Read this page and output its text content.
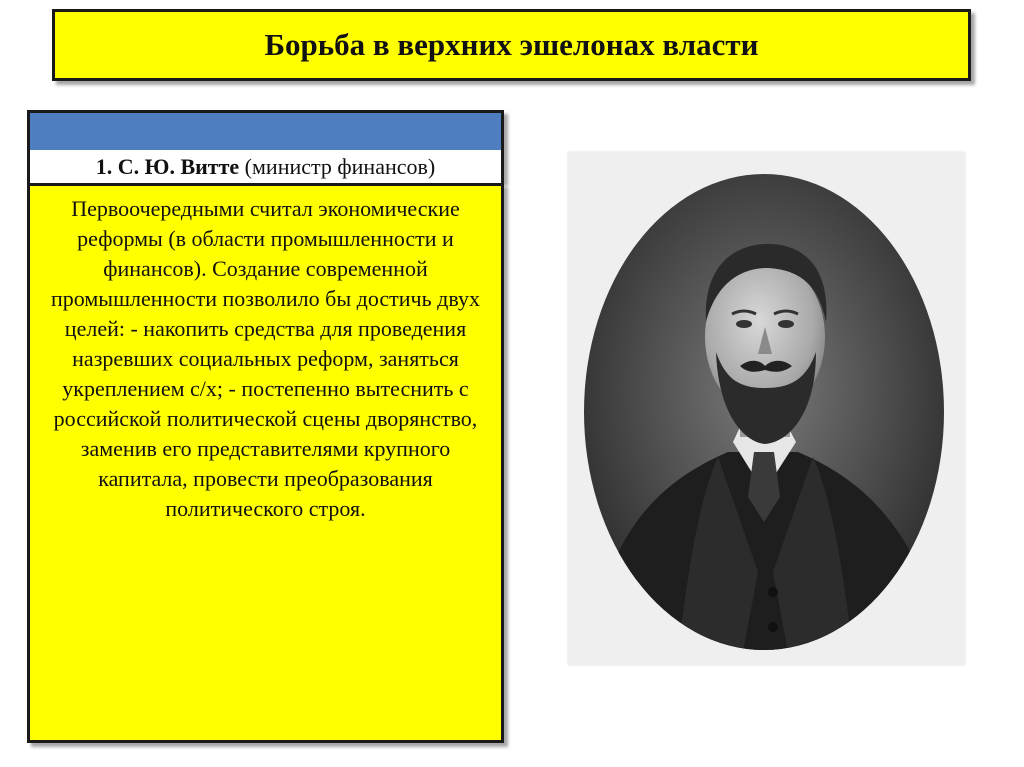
Борьба в верхних эшелонах власти
1. С. Ю. Витте (министр финансов)
Первоочередными считал экономические реформы (в области промышленности и финансов). Создание современной промышленности позволило бы достичь двух целей: - накопить средства для проведения назревших социальных реформ, заняться укреплением с/х; - постепенно вытеснить с российской политической сцены дворянство, заменив его представителями крупного капитала, провести преобразования политического строя.
